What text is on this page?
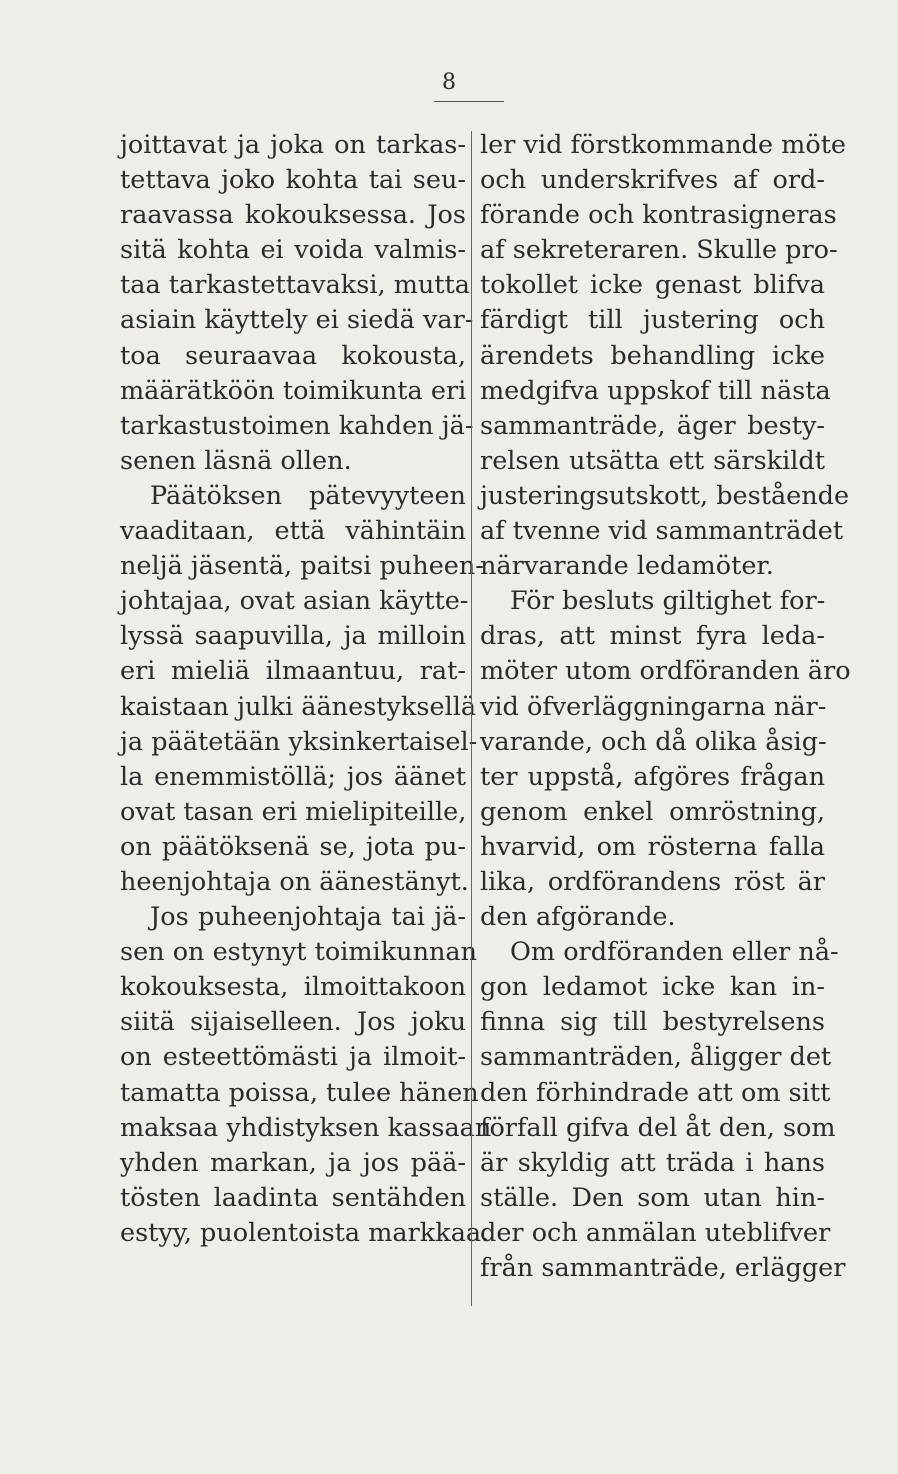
8
joittavat ja joka on tarkas-
tettava joko kohta tai seu-
raavassa kokouksessa. Jos
sitä kohta ei voida valmis-
taa tarkastettavaksi, mutta
asiain käyttely ei siedä var-
toa seuraavaa kokousta,
määrätköön toimikunta eri
tarkastustoimen kahden jä-
senen läsnä ollen.
Päätöksen pätevyyteen
vaaditaan, että vähintäin
neljä jäsentä, paitsi puheen-
johtajaa, ovat asian käytte-
lyssä saapuvilla, ja milloin
eri mieliä ilmaantuu, rat-
kaistaan julki äänestyksellä
ja päätetään yksinkertaisel-
la enemmistöllä; jos äänet
ovat tasan eri mielipiteille,
on päätöksenä se, jota pu-
heenjohtaja on äänestänyt.
Jos puheenjohtaja tai jä-
sen on estynyt toimikunnan
kokouksesta, ilmoittakoon
siitä sijaiselleen. Jos joku
on esteettömästi ja ilmoit-
tamatta poissa, tulee hänen
maksaa yhdistyksen kassaan
yhden markan, ja jos pää-
tösten laadinta sentähden
estyy, puolentoista markkaa.
ler vid förstkommande möte
och underskrifves af ord-
förande och kontrasigneras
af sekreteraren. Skulle pro-
tokollet icke genast blifva
färdigt till justering och
ärendets behandling icke
medgifva uppskof till nästa
sammanträde, äger besty-
relsen utsätta ett särskildt
justeringsutskott, bestående
af tvenne vid sammanträdet
närvarande ledamöter.
För besluts giltighet for-
dras, att minst fyra leda-
möter utom ordföranden äro
vid öfverläggningarna när-
varande, och då olika åsig-
ter uppstå, afgöres frågan
genom enkel omröstning,
hvarvid, om rösterna falla
lika, ordförandens röst är
den afgörande.
Om ordföranden eller nå-
gon ledamot icke kan in-
finna sig till bestyrelsens
sammanträden, åligger det
den förhindrade att om sitt
förfall gifva del åt den, som
är skyldig att träda i hans
ställe. Den som utan hin-
der och anmälan uteblifver
från sammanträde, erlägger
